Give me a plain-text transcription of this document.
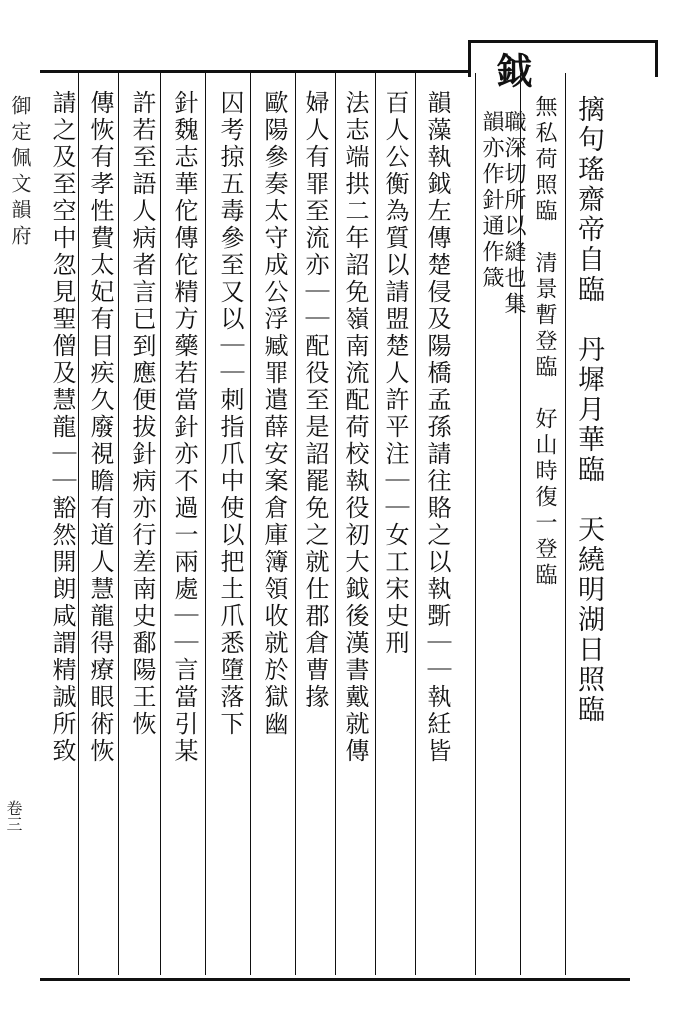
鉞
摛句瑤齋帝自臨　丹墀月華臨　天繞明湖日照臨
無私荷照臨　清景暫登臨　好山時復一登臨
職深切所以縫也集
韻亦作針通作箴
韻藻執鉞左傳楚侵及陽橋孟孫請往賂之以執斲｜｜執紝皆
百人公衡為質以請盟楚人許平注｜｜女工宋史刑
法志端拱二年詔免嶺南流配荷校執役初大鉞後漢書戴就傳
婦人有罪至流亦｜｜配役至是詔罷免之就仕郡倉曹掾
歐陽參奏太守成公浮臧罪遣薛安案倉庫簿領收就於獄幽
囚考掠五毒參至又以｜｜刺指爪中使以把土爪悉墮落下
針魏志華佗傳佗精方藥若當針亦不過一兩處｜｜言當引某
許若至語人病者言已到應便拔針病亦行差南史鄱陽王恢
傳恢有孝性費太妃有目疾久廢視瞻有道人慧龍得療眼術恢
請之及至空中忽見聖僧及慧龍｜｜豁然開朗咸謂精誠所致
御定佩文韻府
卷三
